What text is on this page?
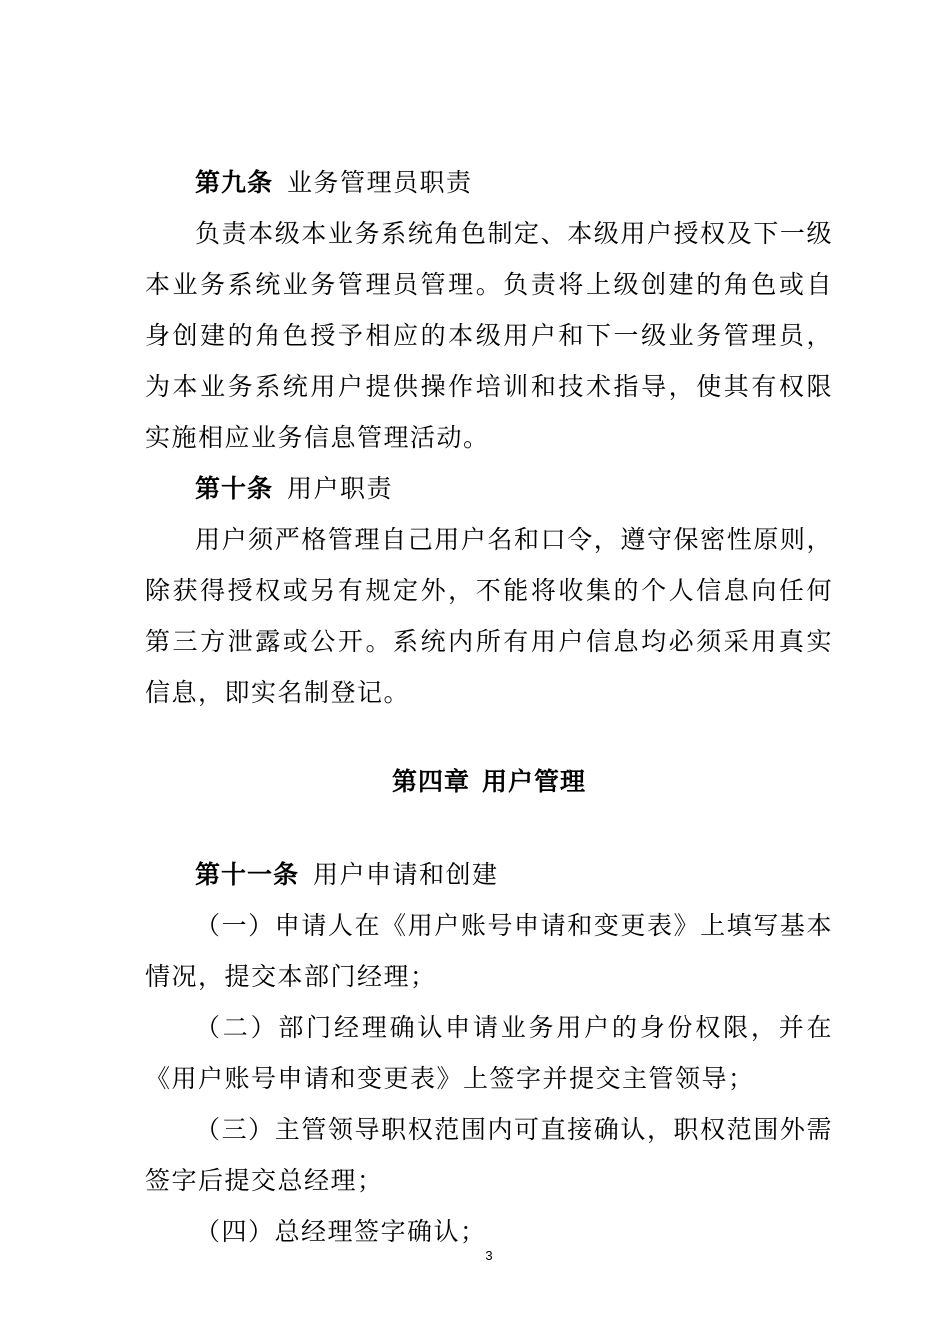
第九条 业务管理员职责

负责本级本业务系统角色制定、本级用户授权及下一级本业务系统业务管理员管理。负责将上级创建的角色或自身创建的角色授予相应的本级用户和下一级业务管理员，为本业务系统用户提供操作培训和技术指导，使其有权限实施相应业务信息管理活动。

第十条 用户职责

用户须严格管理自己用户名和口令，遵守保密性原则，除获得授权或另有规定外，不能将收集的个人信息向任何第三方泄露或公开。系统内所有用户信息均必须采用真实信息，即实名制登记。

第四章 用户管理

第十一条 用户申请和创建

（一）申请人在《用户账号申请和变更表》上填写基本情况，提交本部门经理；

（二）部门经理确认申请业务用户的身份权限，并在《用户账号申请和变更表》上签字并提交主管领导；

（三）主管领导职权范围内可直接确认，职权范围外需签字后提交总经理；

（四）总经理签字确认；

3
